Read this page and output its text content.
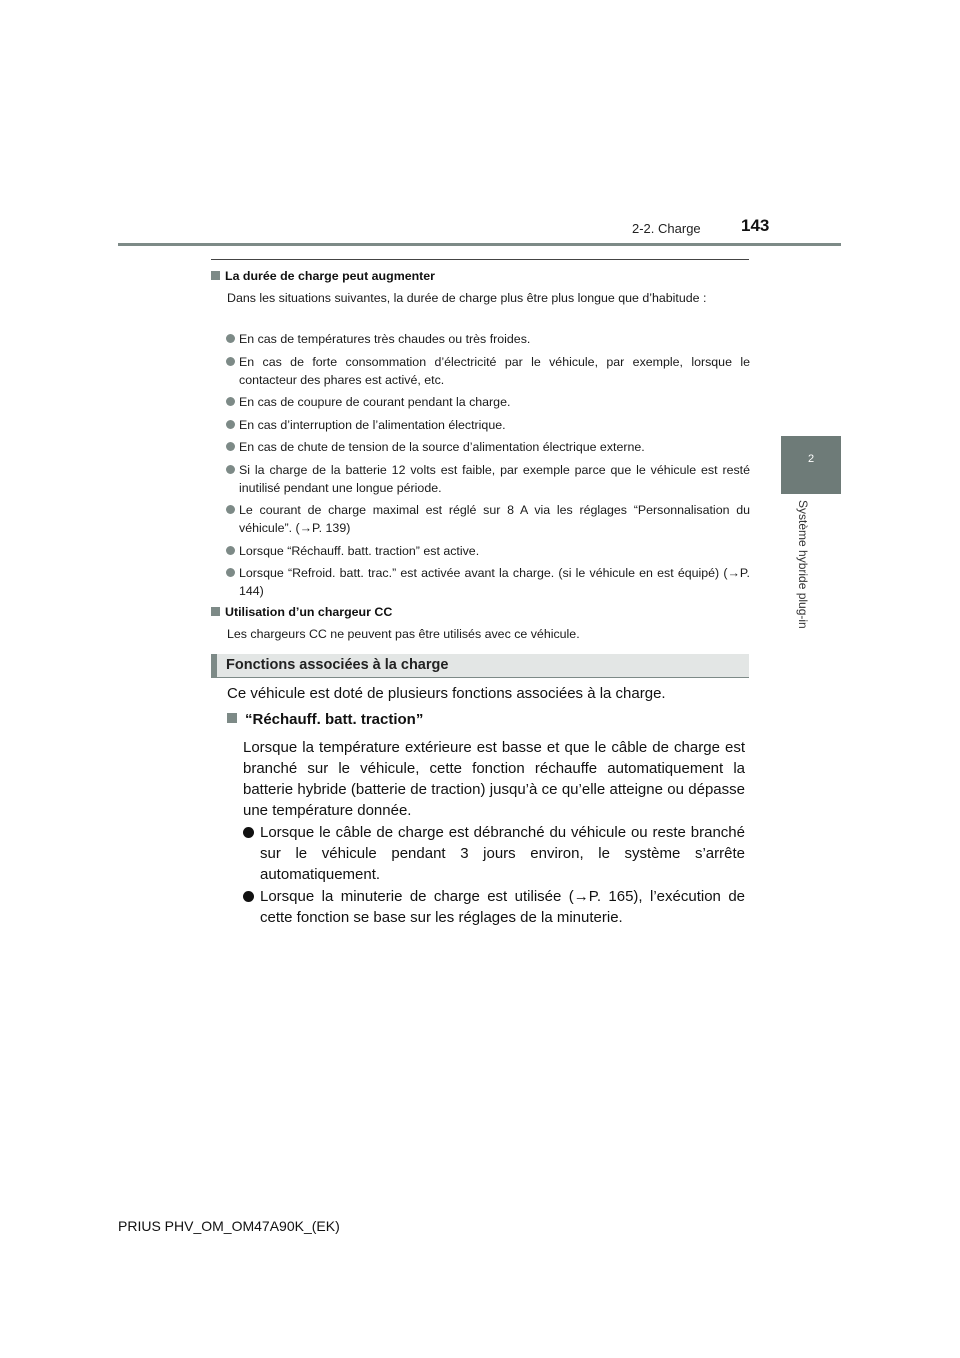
2-2. Charge 143
2
Système hybride plug-in
La durée de charge peut augmenter
Dans les situations suivantes, la durée de charge plus être plus longue que d’habitude :
En cas de températures très chaudes ou très froides.
En cas de forte consommation d’électricité par le véhicule, par exemple, lorsque le contacteur des phares est activé, etc.
En cas de coupure de courant pendant la charge.
En cas d’interruption de l’alimentation électrique.
En cas de chute de tension de la source d’alimentation électrique externe.
Si la charge de la batterie 12 volts est faible, par exemple parce que le véhicule est resté inutilisé pendant une longue période.
Le courant de charge maximal est réglé sur 8 A via les réglages “Personnalisation du véhicule”. (→P. 139)
Lorsque “Réchauff. batt. traction” est active.
Lorsque “Refroid. batt. trac.” est activée avant la charge. (si le véhicule en est équipé) (→P. 144)
Utilisation d’un chargeur CC
Les chargeurs CC ne peuvent pas être utilisés avec ce véhicule.
Fonctions associées à la charge
Ce véhicule est doté de plusieurs fonctions associées à la charge.
“Réchauff. batt. traction”
Lorsque la température extérieure est basse et que le câble de charge est branché sur le véhicule, cette fonction réchauffe automatiquement la batterie hybride (batterie de traction) jusqu’à ce qu’elle atteigne ou dépasse une température donnée.
Lorsque le câble de charge est débranché du véhicule ou reste branché sur le véhicule pendant 3 jours environ, le système s’arrête automatiquement.
Lorsque la minuterie de charge est utilisée (→P. 165), l’exécution de cette fonction se base sur les réglages de la minuterie.
PRIUS PHV_OM_OM47A90K_(EK)
